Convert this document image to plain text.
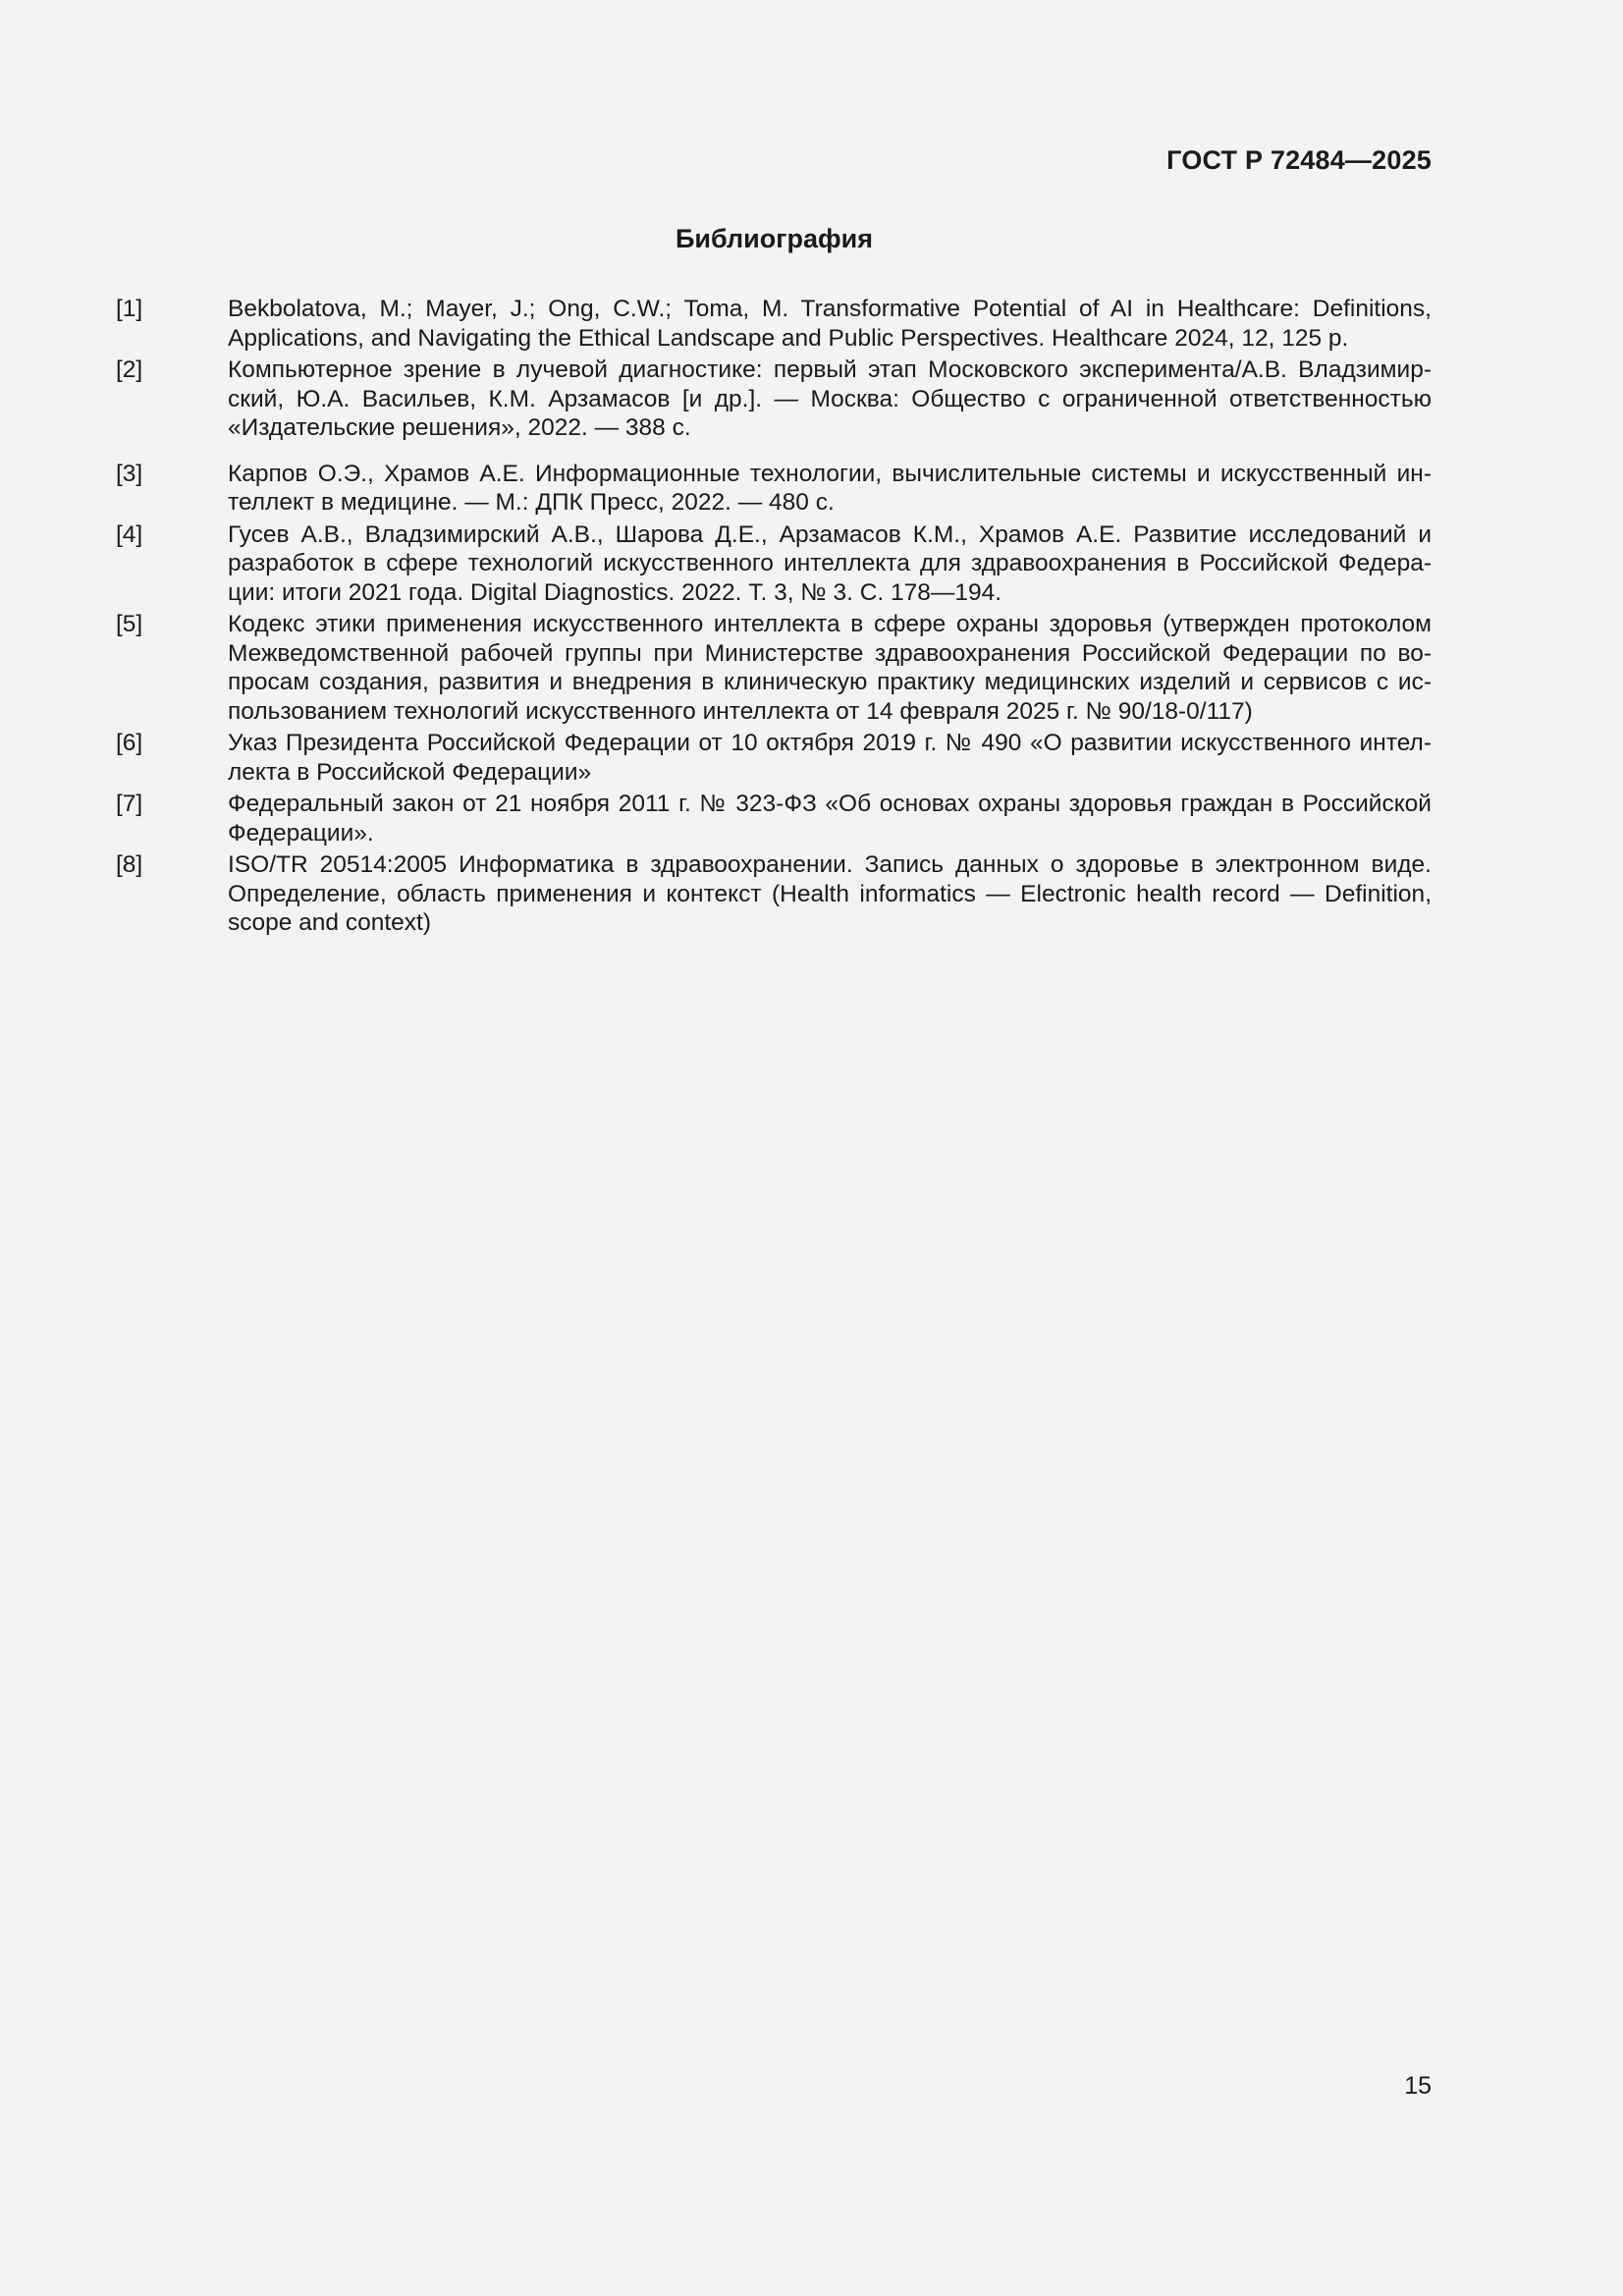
ГОСТ Р 72484—2025
Библиография
[1]	Bekbolatova, M.; Mayer, J.; Ong, C.W.; Toma, M. Transformative Potential of AI in Healthcare: Definitions, Applications, and Navigating the Ethical Landscape and Public Perspectives. Healthcare 2024, 12, 125 p.
[2]	Компьютерное зрение в лучевой диагностике: первый этап Московского эксперимента/А.В. Владзимирский, Ю.А. Васильев, К.М. Арзамасов [и др.]. — Москва: Общество с ограниченной ответственностью «Издательские решения», 2022. — 388 с.
[3]	Карпов О.Э., Храмов А.Е. Информационные технологии, вычислительные системы и искусственный интеллект в медицине. — М.: ДПК Пресс, 2022. — 480 с.
[4]	Гусев А.В., Владзимирский А.В., Шарова Д.Е., Арзамасов К.М., Храмов А.Е. Развитие исследований и разработок в сфере технологий искусственного интеллекта для здравоохранения в Российской Федерации: итоги 2021 года. Digital Diagnostics. 2022. Т. 3, № 3. С. 178—194.
[5]	Кодекс этики применения искусственного интеллекта в сфере охраны здоровья (утвержден протоколом Межведомственной рабочей группы при Министерстве здравоохранения Российской Федерации по вопросам создания, развития и внедрения в клиническую практику медицинских изделий и сервисов с использованием технологий искусственного интеллекта от 14 февраля 2025 г. № 90/18-0/117)
[6]	Указ Президента Российской Федерации от 10 октября 2019 г. № 490 «О развитии искусственного интеллекта в Российской Федерации»
[7]	Федеральный закон от 21 ноября 2011 г. № 323-ФЗ «Об основах охраны здоровья граждан в Российской Федерации».
[8]	ISO/TR 20514:2005 Информатика в здравоохранении. Запись данных о здоровье в электронном виде. Определение, область применения и контекст (Health informatics — Electronic health record — Definition, scope and context)
15
